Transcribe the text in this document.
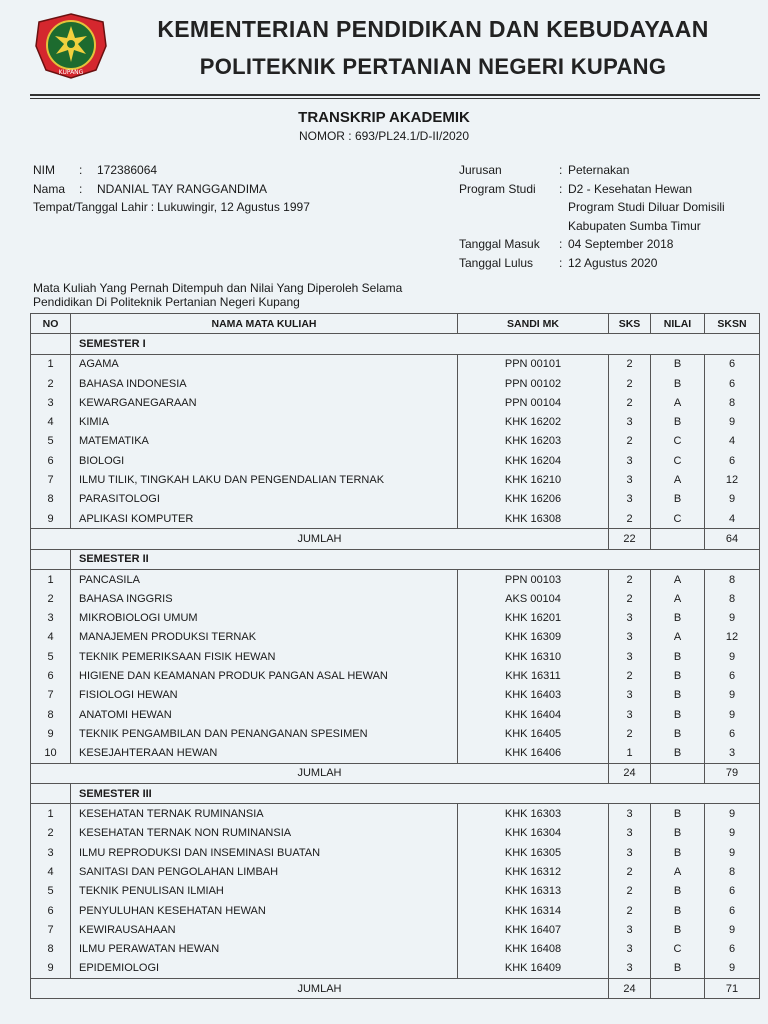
KUPANG
KEMENTERIAN PENDIDIKAN DAN KEBUDAYAAN
POLITEKNIK PERTANIAN NEGERI KUPANG
TRANSKRIP AKADEMIK
NOMOR : 693/PL24.1/D-II/2020
NIM	:	172386064
Nama	:	NDANIAL TAY RANGGANDIMA
Tempat/Tanggal Lahir : Lukuwingir, 12 Agustus 1997
Jurusan	: Peternakan
Program Studi	: D2 - Kesehatan Hewan
Program Studi Diluar Domisili
Kabupaten Sumba Timur
Tanggal Masuk	: 04 September 2018
Tanggal Lulus	: 12 Agustus 2020
Mata Kuliah Yang Pernah Ditempuh dan Nilai Yang Diperoleh Selama
Pendidikan Di Politeknik Pertanian Negeri Kupang
NO	NAMA MATA KULIAH	SANDI MK	SKS	NILAI	SKSN
	SEMESTER I				
1	AGAMA	PPN 00101	2	B	6
2	BAHASA INDONESIA	PPN 00102	2	B	6
3	KEWARGANEGARAAN	PPN 00104	2	A	8
4	KIMIA	KHK 16202	3	B	9
5	MATEMATIKA	KHK 16203	2	C	4
6	BIOLOGI	KHK 16204	3	C	6
7	ILMU TILIK, TINGKAH LAKU DAN PENGENDALIAN TERNAK	KHK 16210	3	A	12
8	PARASITOLOGI	KHK 16206	3	B	9
9	APLIKASI KOMPUTER	KHK 16308	2	C	4
JUMLAH			22		64
	SEMESTER II				
1	PANCASILA	PPN 00103	2	A	8
2	BAHASA INGGRIS	AKS 00104	2	A	8
3	MIKROBIOLOGI UMUM	KHK 16201	3	B	9
4	MANAJEMEN PRODUKSI TERNAK	KHK 16309	3	A	12
5	TEKNIK PEMERIKSAAN FISIK HEWAN	KHK 16310	3	B	9
6	HIGIENE DAN KEAMANAN PRODUK PANGAN ASAL HEWAN	KHK 16311	2	B	6
7	FISIOLOGI HEWAN	KHK 16403	3	B	9
8	ANATOMI HEWAN	KHK 16404	3	B	9
9	TEKNIK PENGAMBILAN DAN PENANGANAN SPESIMEN	KHK 16405	2	B	6
10	KESEJAHTERAAN HEWAN	KHK 16406	1	B	3
JUMLAH			24		79
	SEMESTER III				
1	KESEHATAN TERNAK RUMINANSIA	KHK 16303	3	B	9
2	KESEHATAN TERNAK NON RUMINANSIA	KHK 16304	3	B	9
3	ILMU REPRODUKSI DAN INSEMINASI BUATAN	KHK 16305	3	B	9
4	SANITASI DAN PENGOLAHAN LIMBAH	KHK 16312	2	A	8
5	TEKNIK PENULISAN ILMIAH	KHK 16313	2	B	6
6	PENYULUHAN KESEHATAN HEWAN	KHK 16314	2	B	6
7	KEWIRAUSAHAAN	KHK 16407	3	B	9
8	ILMU PERAWATAN HEWAN	KHK 16408	3	C	6
9	EPIDEMIOLOGI	KHK 16409	3	B	9
JUMLAH			24		71
